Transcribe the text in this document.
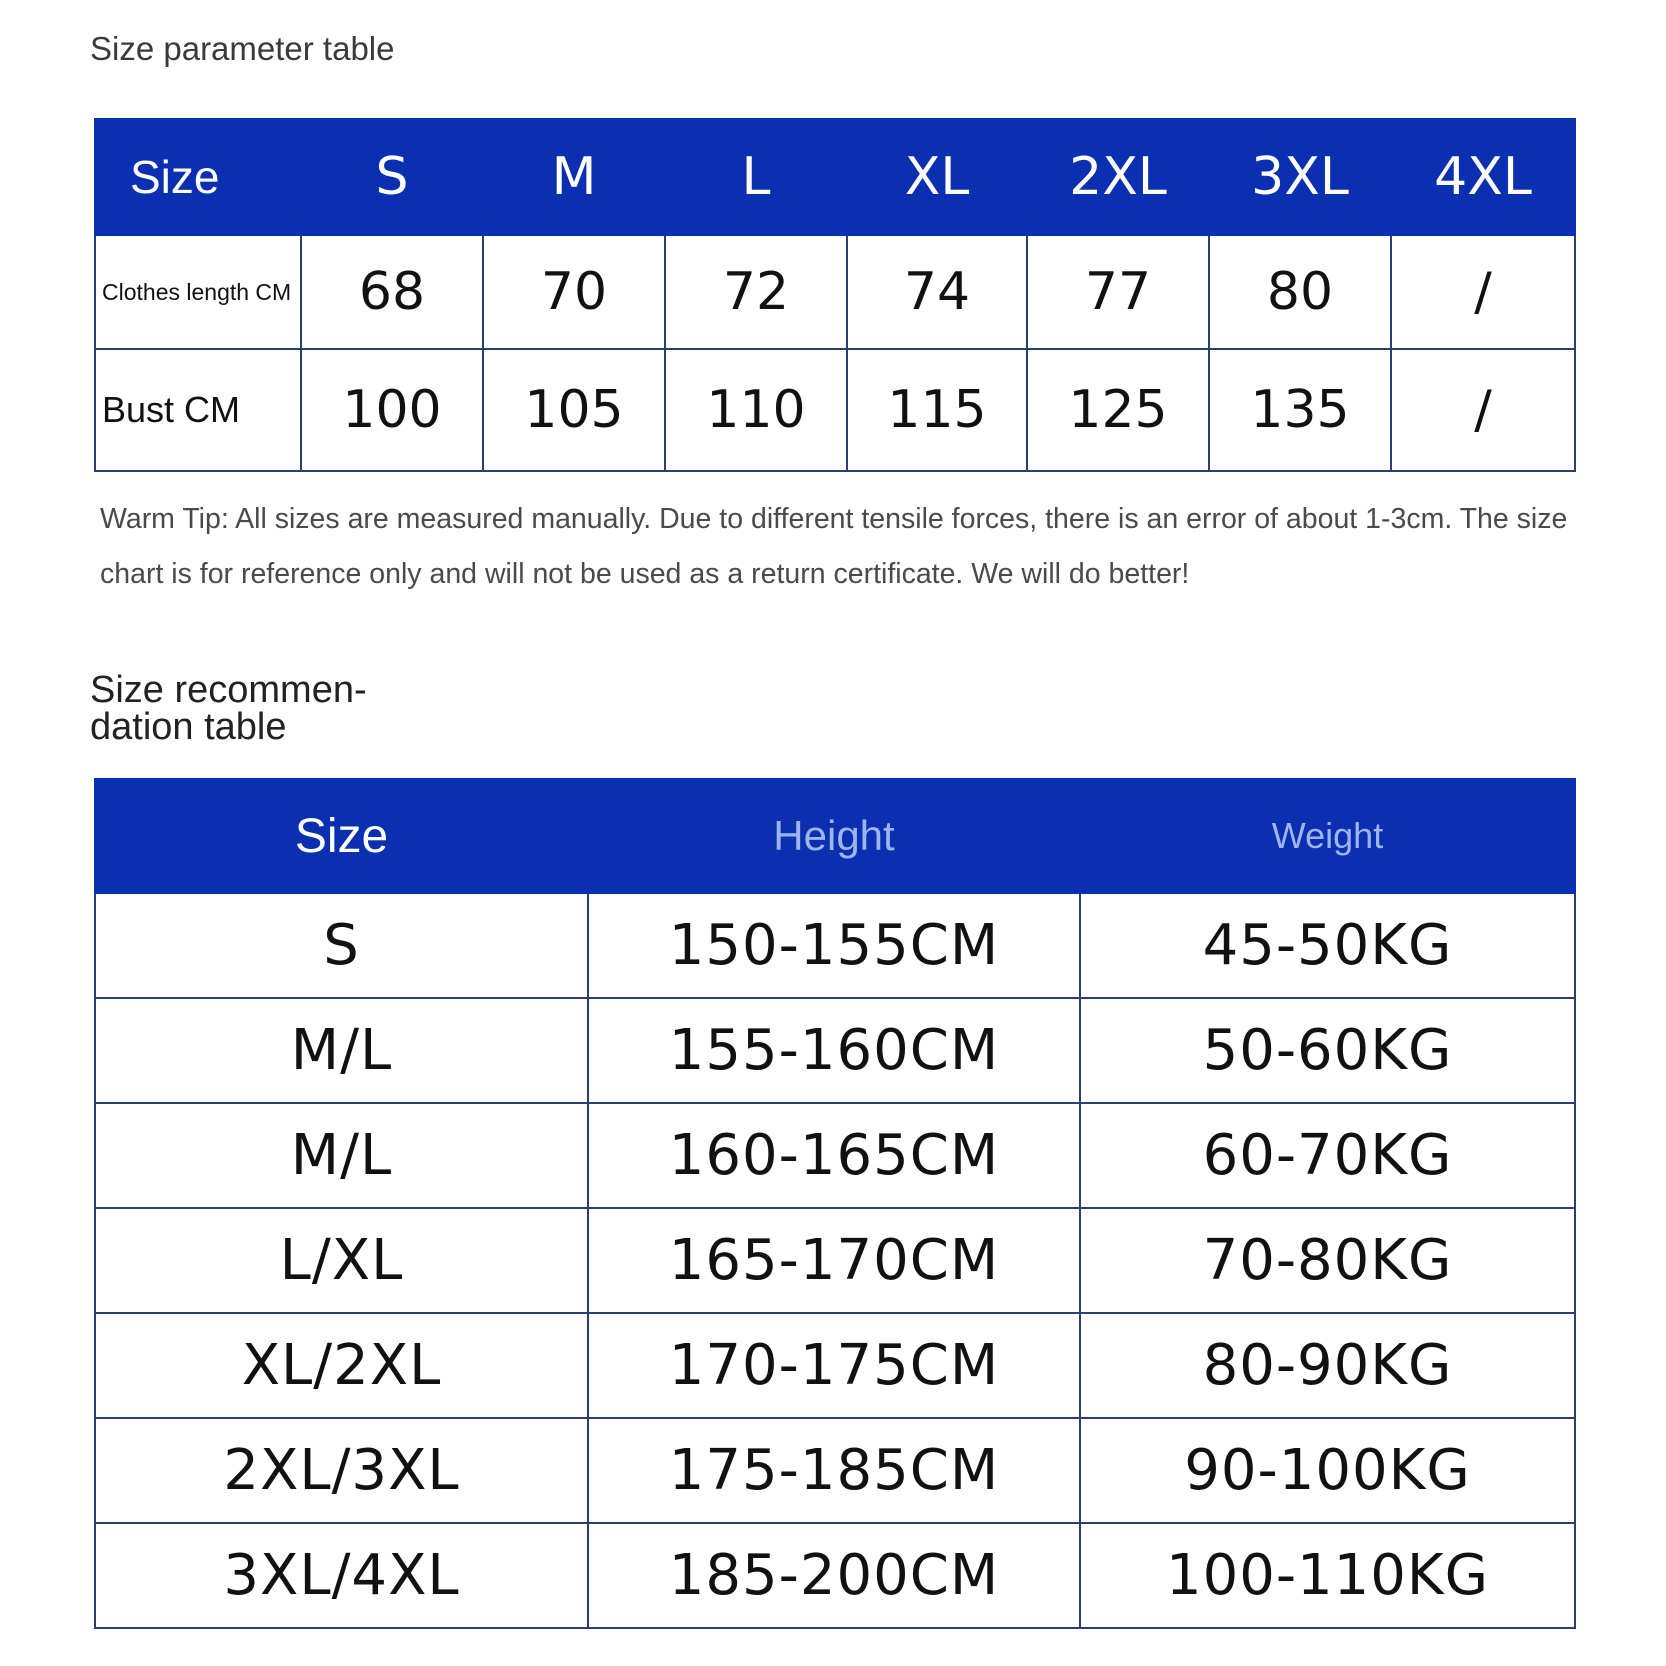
Size parameter table
Size	S	M	L	XL	2XL	3XL	4XL
Clothes length CM	68	70	72	74	77	80	/
Bust CM	100	105	110	115	125	135	/
Warm Tip: All sizes are measured manually. Due to different tensile forces, there is an error of about 1-3cm. The size chart is for reference only and will not be used as a return certificate. We will do better!
Size recommen-dation table
Size	Height	Weight
S	150-155CM	45-50KG
M/L	155-160CM	50-60KG
M/L	160-165CM	60-70KG
L/XL	165-170CM	70-80KG
XL/2XL	170-175CM	80-90KG
2XL/3XL	175-185CM	90-100KG
3XL/4XL	185-200CM	100-110KG
